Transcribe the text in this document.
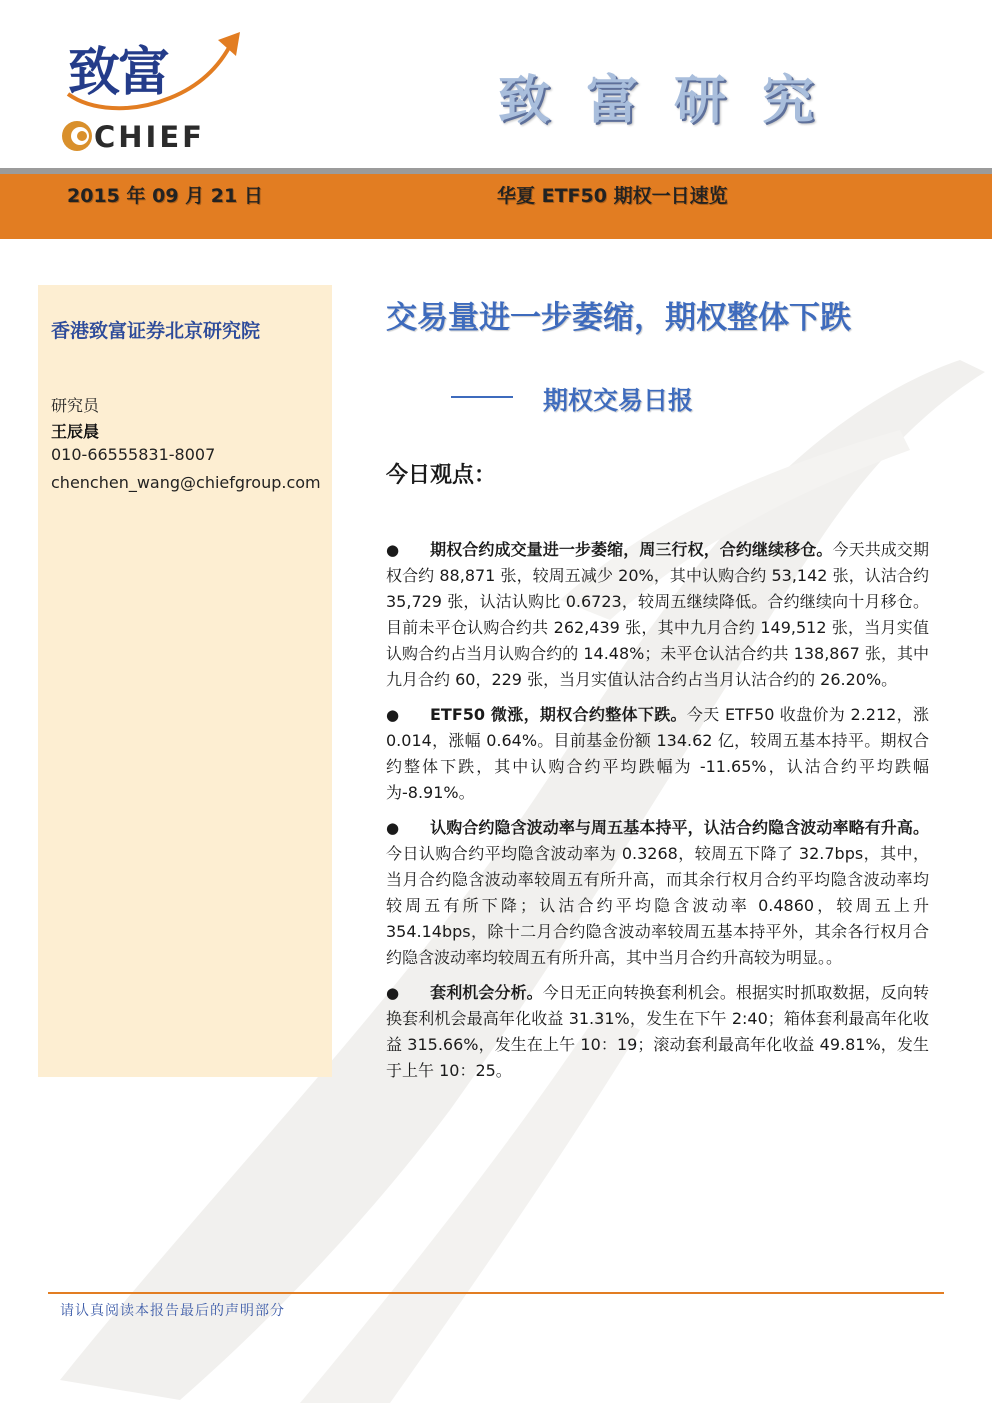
致富
CHIEF
致富研究
2015 年 09 月 21 日	华夏 ETF50 期权一日速览
香港致富证券北京研究院
研究员
王辰晨
010-66555831-8007
chenchen_wang@chiefgroup.com
交易量进一步萎缩，期权整体下跌
期权交易日报
今日观点：

● 期权合约成交量进一步萎缩，周三行权，合约继续移仓。今天共成交期权合约 88,871 张，较周五减少 20%，其中认购合约 53,142 张，认沽合约 35,729 张，认沽认购比 0.6723，较周五继续降低。合约继续向十月移仓。目前未平仓认购合约共 262,439 张，其中九月合约 149,512 张，当月实值认购合约占当月认购合约的 14.48%；未平仓认沽合约共 138,867 张，其中九月合约 60，229 张，当月实值认沽合约占当月认沽合约的 26.20%。

● ETF50 微涨，期权合约整体下跌。今天 ETF50 收盘价为 2.212，涨 0.014，涨幅 0.64%。目前基金份额 134.62 亿，较周五基本持平。期权合约整体下跌，其中认购合约平均跌幅为 -11.65%，认沽合约平均跌幅为-8.91%。

● 认购合约隐含波动率与周五基本持平，认沽合约隐含波动率略有升高。今日认购合约平均隐含波动率为 0.3268，较周五下降了 32.7bps，其中，当月合约隐含波动率较周五有所升高，而其余行权月合约平均隐含波动率均较周五有所下降；认沽合约平均隐含波动率 0.4860，较周五上升 354.14bps，除十二月合约隐含波动率较周五基本持平外，其余各行权月合约隐含波动率均较周五有所升高，其中当月合约升高较为明显。。

● 套利机会分析。今日无正向转换套利机会。根据实时抓取数据，反向转换套利机会最高年化收益 31.31%，发生在下午 2:40；箱体套利最高年化收益 315.66%，发生在上午 10：19；滚动套利最高年化收益 49.81%，发生于上午 10：25。

请认真阅读本报告最后的声明部分
